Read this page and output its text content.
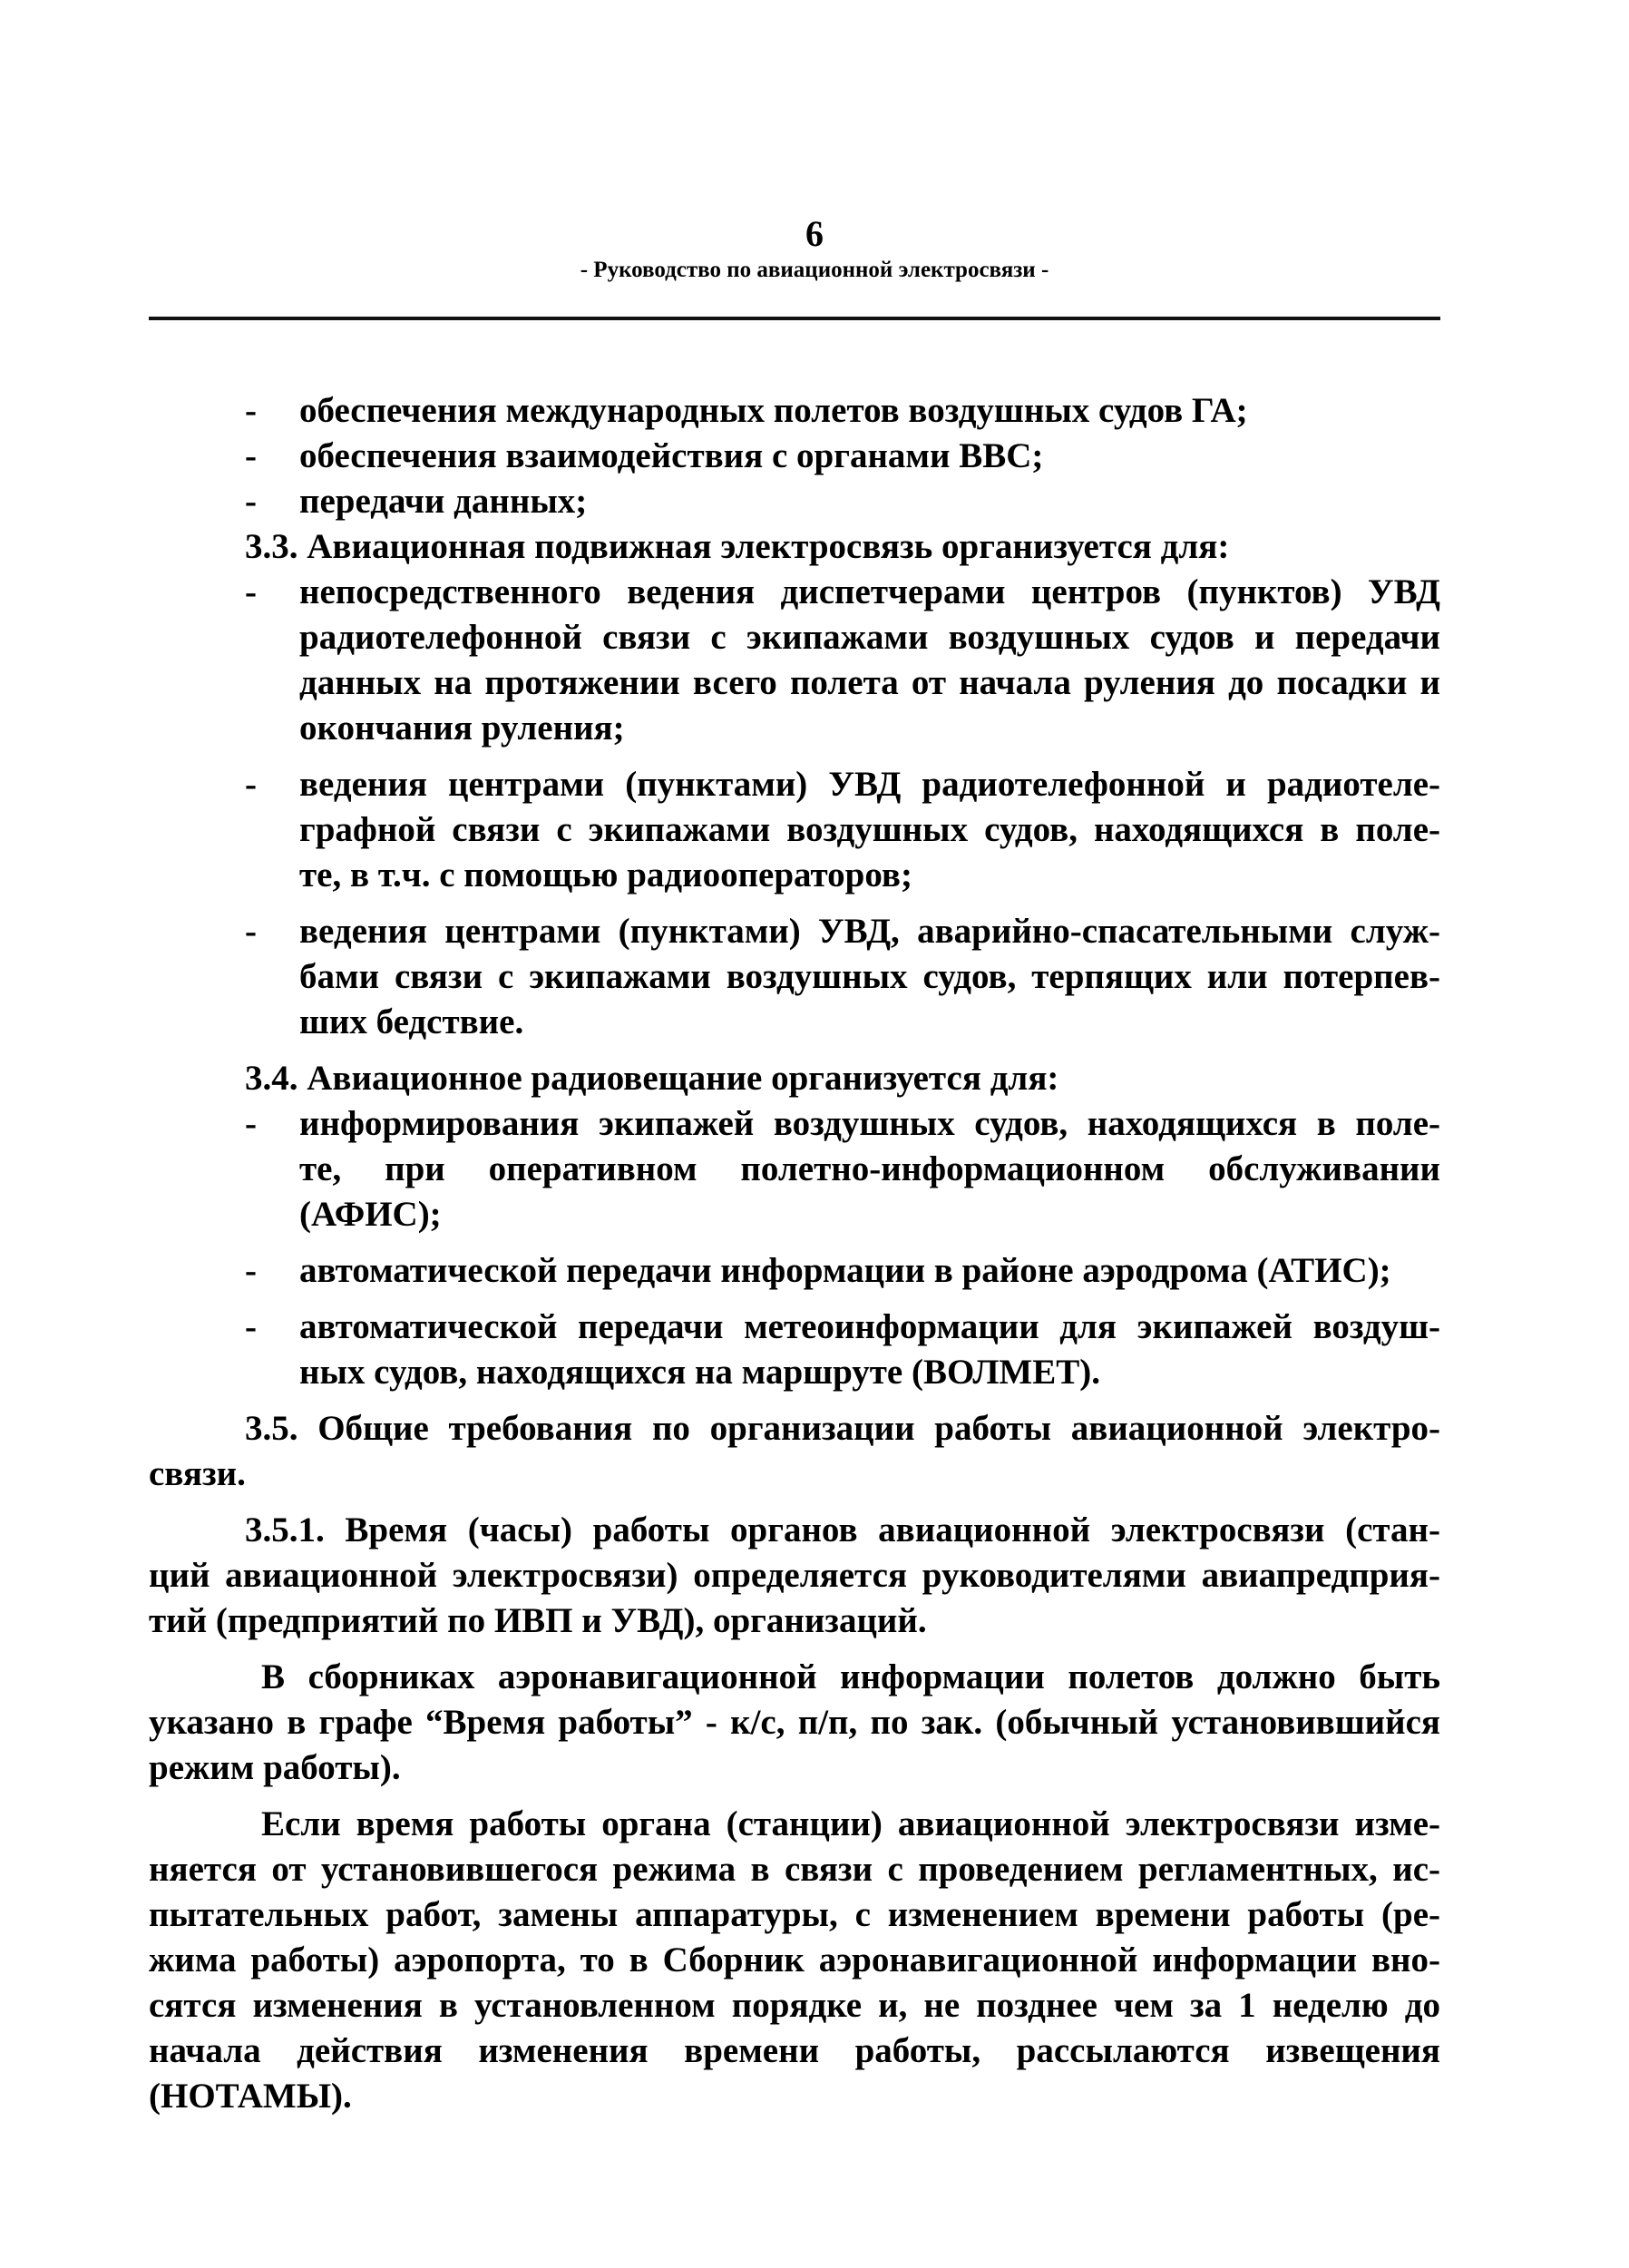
6
- Руководство по авиационной электросвязи -
- обеспечения международных полетов воздушных судов ГА;
- обеспечения взаимодействия с органами ВВС;
- передачи данных;
3.3. Авиационная подвижная электросвязь организуется для:
- непосредственного ведения диспетчерами центров (пунктов) УВД
радиотелефонной связи с экипажами воздушных судов и передачи
данных на протяжении всего полета от начала руления до посадки и
окончания руления;
- ведения центрами (пунктами) УВД радиотелефонной и радиотеле-
графной связи с экипажами воздушных судов, находящихся в поле-
те, в т.ч. с помощью радиооператоров;
- ведения центрами (пунктами) УВД, аварийно-спасательными служ-
бами связи с экипажами воздушных судов, терпящих или потерпев-
ших бедствие.
3.4. Авиационное радиовещание организуется для:
- информирования экипажей воздушных судов, находящихся в поле-
те, при оперативном полетно-информационном обслуживании
(АФИС);
- автоматической передачи информации в районе аэродрома (АТИС);
- автоматической передачи метеоинформации для экипажей воздуш-
ных судов, находящихся на маршруте (ВОЛМЕТ).
3.5. Общие требования по организации работы авиационной электро-
связи.
3.5.1. Время (часы) работы органов авиационной электросвязи (стан-
ций авиационной электросвязи) определяется руководителями авиапредприя-
тий (предприятий по ИВП и УВД), организаций.
В сборниках аэронавигационной информации полетов должно быть
указано в графе “Время работы” - к/с, п/п, по зак. (обычный установившийся
режим работы).
Если время работы органа (станции) авиационной электросвязи изме-
няется от установившегося режима в связи с проведением регламентных, ис-
пытательных работ, замены аппаратуры, с изменением времени работы (ре-
жима работы) аэропорта, то в Сборник аэронавигационной информации вно-
сятся изменения в установленном порядке и, не позднее чем за 1 неделю до
начала действия изменения времени работы, рассылаются извещения
(НОТАМЫ).
